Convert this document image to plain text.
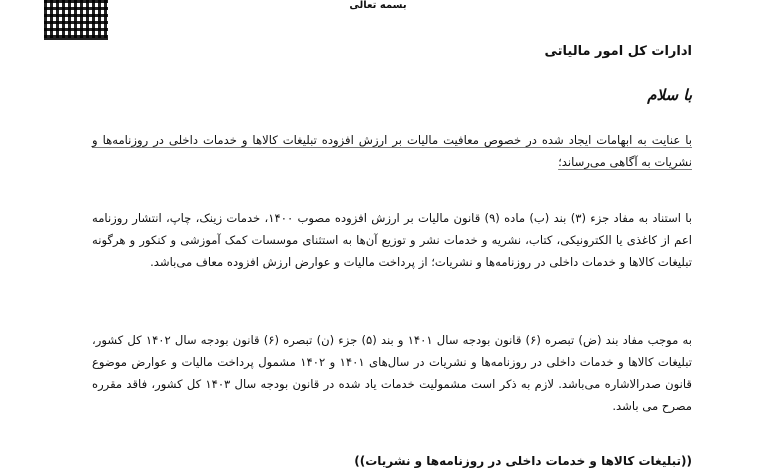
بسمه تعالی
ادارات کل امور مالیاتی
با سلام
با عنایت به ابهامات ایجاد شده در خصوص معافیت مالیات بر ارزش افزوده تبلیغات کالاها و خدمات داخلی در روزنامه‌ها و نشریات به آگاهی می‌رساند؛
با استناد به مفاد جزء (۳) بند (ب) ماده (۹) قانون مالیات بر ارزش افزوده مصوب ۱۴۰۰، خدمات زینک، چاپ، انتشار روزنامه اعم از کاغذی یا الکترونیکی، کتاب، نشریه و خدمات نشر و توزیع آن‌ها به استثنای موسسات کمک آموزشی و کنکور و هرگونه تبلیغات کالاها و خدمات داخلی در روزنامه‌ها و نشریات؛ از پرداخت مالیات و عوارض ارزش افزوده معاف می‌باشد.
به موجب مفاد بند (ض) تبصره (۶) قانون بودجه سال ۱۴۰۱ و بند (۵) جزء (ن) تبصره (۶) قانون بودجه سال ۱۴۰۲ کل کشور، تبلیغات کالاها و خدمات داخلی در روزنامه‌ها و نشریات در سال‌های ۱۴۰۱ و ۱۴۰۲ مشمول پرداخت مالیات و عوارض موضوع قانون صدرالاشاره می‌باشد. لازم به ذکر است مشمولیت خدمات یاد شده در قانون بودجه سال ۱۴۰۳ کل کشور، فاقد مقرره مصرح می باشد.
((تبلیغات کالاها و خدمات داخلی در روزنامه‌ها و نشریات))
